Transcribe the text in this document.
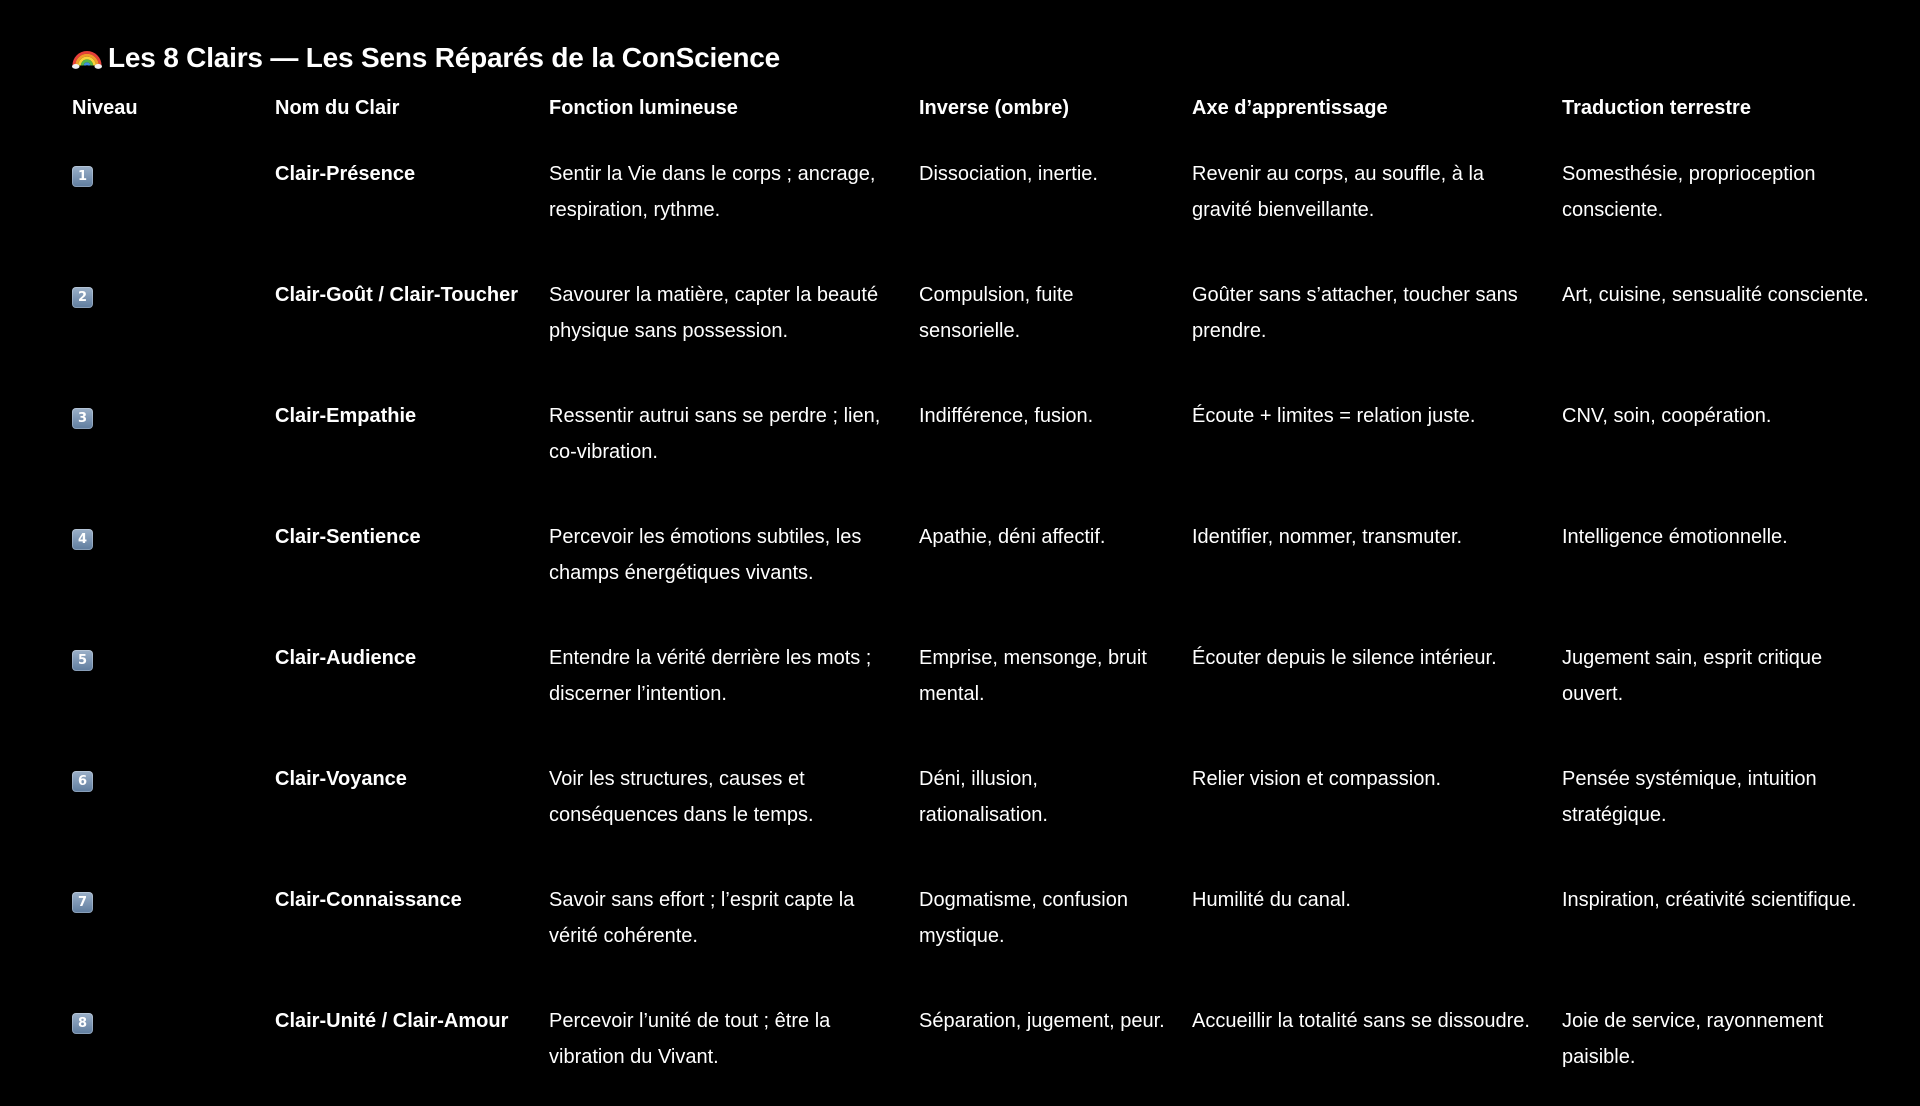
Les 8 Clairs — Les Sens Réparés de la ConScience
Niveau	Nom du Clair	Fonction lumineuse	Inverse (ombre)	Axe d’apprentissage	Traduction terrestre
1	Clair-Présence	Sentir la Vie dans le corps ; ancrage, respiration, rythme.	Dissociation, inertie.	Revenir au corps, au souffle, à la gravité bienveillante.	Somesthésie, proprioception consciente.
2	Clair-Goût / Clair-Toucher	Savourer la matière, capter la beauté physique sans possession.	Compulsion, fuite sensorielle.	Goûter sans s’attacher, toucher sans prendre.	Art, cuisine, sensualité consciente.
3	Clair-Empathie	Ressentir autrui sans se perdre ; lien, co-vibration.	Indifférence, fusion.	Écoute + limites = relation juste.	CNV, soin, coopération.
4	Clair-Sentience	Percevoir les émotions subtiles, les champs énergétiques vivants.	Apathie, déni affectif.	Identifier, nommer, transmuter.	Intelligence émotionnelle.
5	Clair-Audience	Entendre la vérité derrière les mots ; discerner l’intention.	Emprise, mensonge, bruit mental.	Écouter depuis le silence intérieur.	Jugement sain, esprit critique ouvert.
6	Clair-Voyance	Voir les structures, causes et conséquences dans le temps.	Déni, illusion, rationalisation.	Relier vision et compassion.	Pensée systémique, intuition stratégique.
7	Clair-Connaissance	Savoir sans effort ; l’esprit capte la vérité cohérente.	Dogmatisme, confusion mystique.	Humilité du canal.	Inspiration, créativité scientifique.
8	Clair-Unité / Clair-Amour	Percevoir l’unité de tout ; être la vibration du Vivant.	Séparation, jugement, peur.	Accueillir la totalité sans se dissoudre.	Joie de service, rayonnement paisible.
